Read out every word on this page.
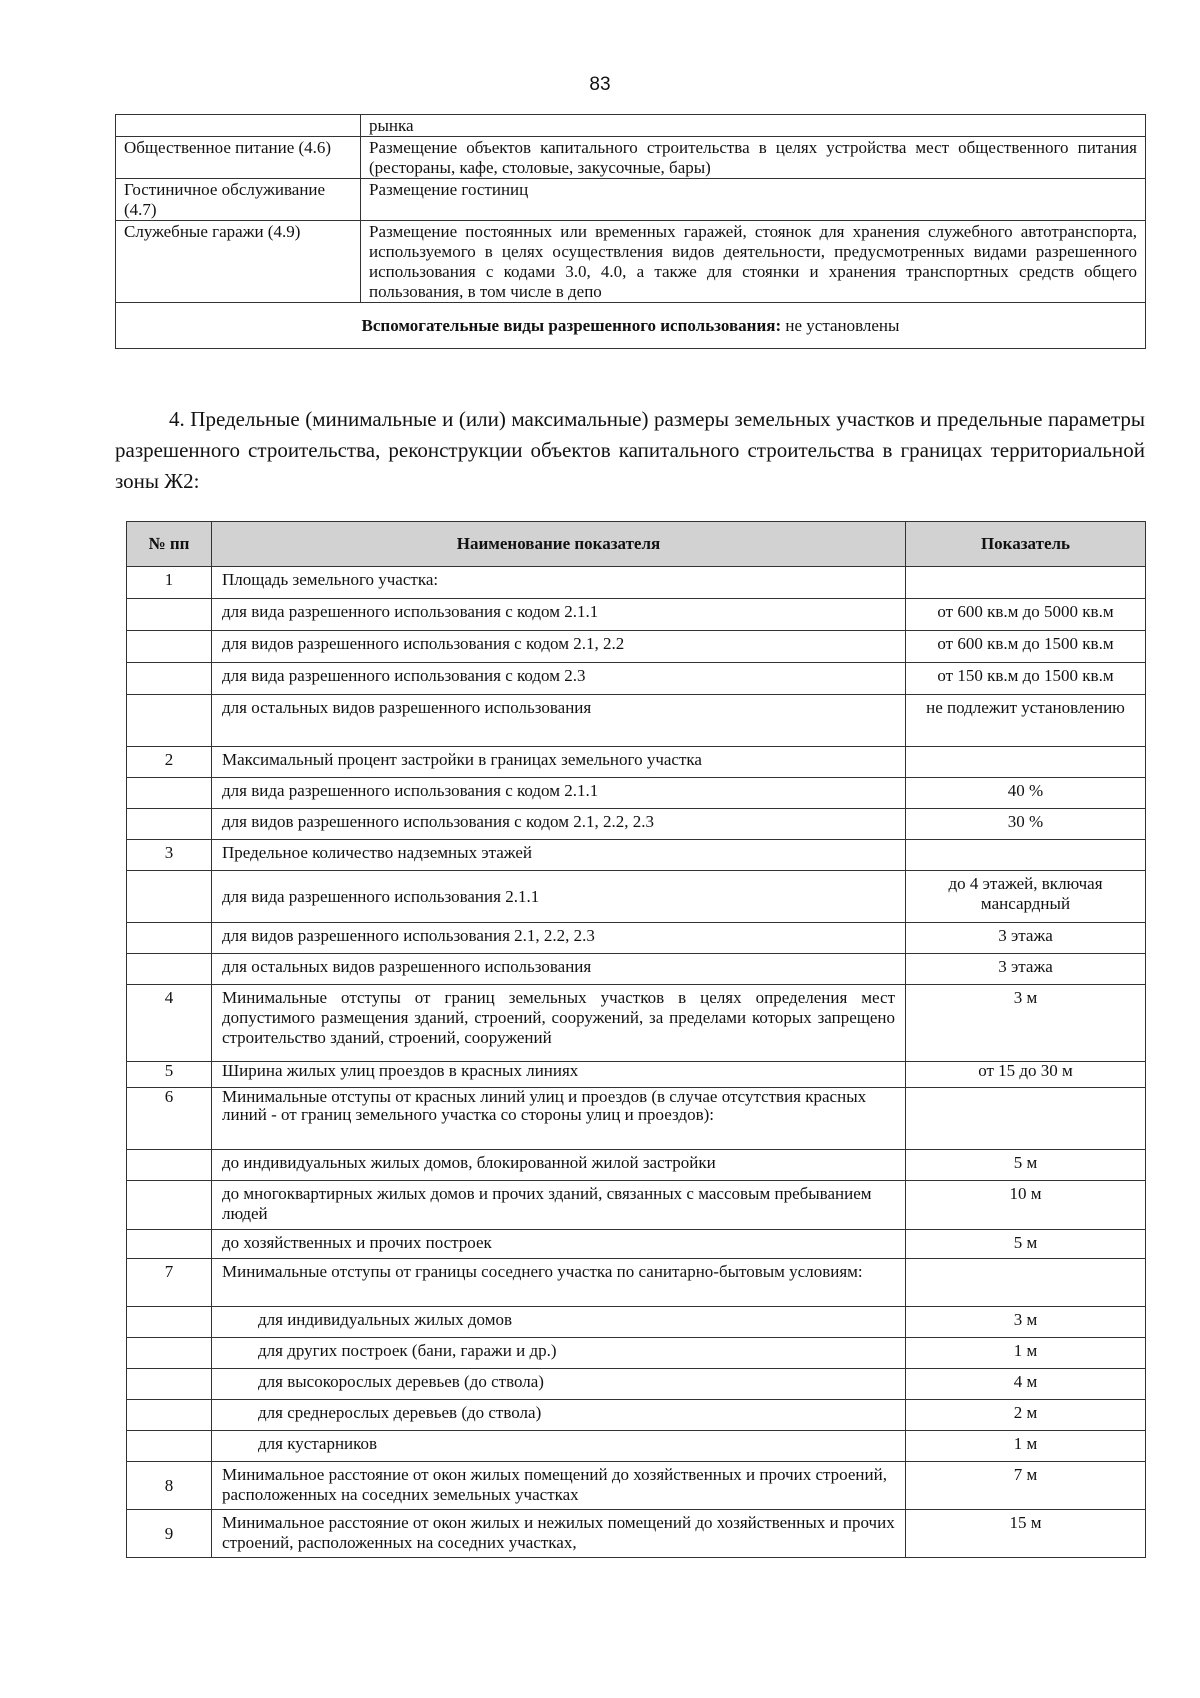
83
	рынка
Общественное питание (4.6)	Размещение объектов капитального строительства в целях устройства мест общественного питания (рестораны, кафе, столовые, закусочные, бары)
Гостиничное обслуживание (4.7)	Размещение гостиниц
Служебные гаражи (4.9)	Размещение постоянных или временных гаражей, стоянок для хранения служебного автотранспорта, используемого в целях осуществления видов деятельности, предусмотренных видами разрешенного использования с кодами 3.0, 4.0, а также для стоянки и хранения транспортных средств общего пользования, в том числе в депо
Вспомогательные виды разрешенного использования: не установлены	

4. Предельные (минимальные и (или) максимальные) размеры земельных участков и предельные параметры разрешенного строительства, реконструкции объектов капитального строительства в границах территориальной зоны Ж2:

№ пп	Наименование показателя	Показатель
1	Площадь земельного участка:	
	для вида разрешенного использования с кодом 2.1.1	от 600 кв.м до 5000 кв.м
	для видов разрешенного использования с кодом 2.1, 2.2	от 600 кв.м до 1500 кв.м
	для вида разрешенного использования с кодом 2.3	от 150 кв.м до 1500 кв.м
	для остальных видов разрешенного использования	не подлежит установлению
2	Максимальный процент застройки в границах земельного участка	
	для вида разрешенного использования с кодом 2.1.1	40 %
	для видов разрешенного использования с кодом 2.1, 2.2, 2.3	30 %
3	Предельное количество надземных этажей	
	для вида разрешенного использования 2.1.1	до 4 этажей, включая мансардный
	для видов разрешенного использования 2.1, 2.2, 2.3	3 этажа
	для остальных видов разрешенного использования	3 этажа
4	Минимальные отступы от границ земельных участков в целях определения мест допустимого размещения зданий, строений, сооружений, за пределами которых запрещено строительство зданий, строений, сооружений	3 м
5	Ширина жилых улиц проездов в красных линиях	от 15 до 30 м
6	Минимальные отступы от красных линий улиц и проездов (в случае отсутствия красных линий - от границ земельного участка со стороны улиц и проездов):	
	до индивидуальных жилых домов, блокированной жилой застройки	5 м
	до многоквартирных жилых домов и прочих зданий, связанных с массовым пребыванием людей	10 м
	до хозяйственных и прочих построек	5 м
7	Минимальные отступы от границы соседнего участка по санитарно-бытовым условиям:	
	для индивидуальных жилых домов	3 м
	для других построек (бани, гаражи и др.)	1 м
	для высокорослых деревьев (до ствола)	4 м
	для среднерослых деревьев (до ствола)	2 м
	для кустарников	1 м
8	Минимальное расстояние от окон жилых помещений до хозяйственных и прочих строений, расположенных на соседних земельных участках	7 м
9	Минимальное расстояние от окон жилых и нежилых помещений до хозяйственных и прочих строений, расположенных на соседних участках,	15 м
